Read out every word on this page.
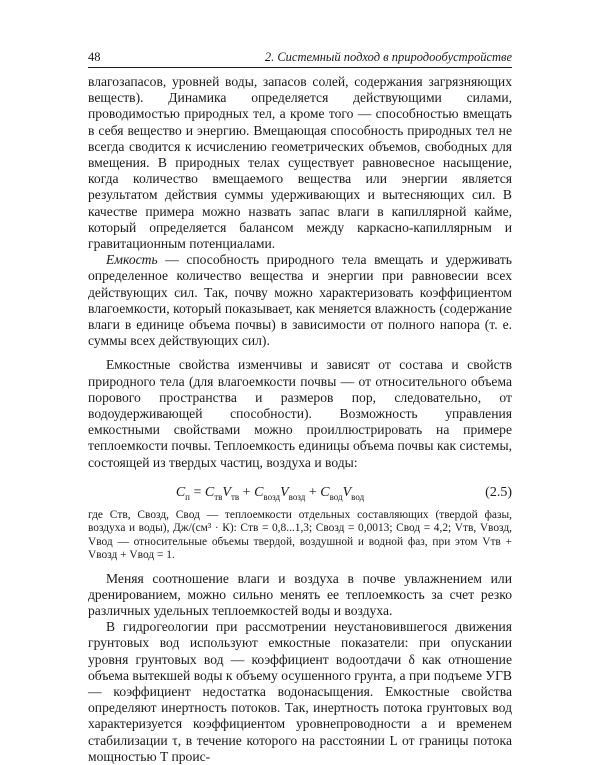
48	2. Системный подход в природообустройстве

влагозапасов, уровней воды, запасов солей, содержания загрязняющих веществ). Динамика определяется действующими силами, проводимостью природных тел, а кроме того — способностью вмещать в себя вещество и энергию. Вмещающая способность природных тел не всегда сводится к исчислению геометрических объемов, свободных для вмещения. В природных телах существует равновесное насыщение, когда количество вмещаемого вещества или энергии является результатом действия суммы удерживающих и вытесняющих сил. В качестве примера можно назвать запас влаги в капиллярной кайме, который определяется балансом между каркасно-капиллярным и гравитационным потенциалами.

Емкость — способность природного тела вмещать и удерживать определенное количество вещества и энергии при равновесии всех действующих сил. Так, почву можно характеризовать коэффициентом влагоемкости, который показывает, как меняется влажность (содержание влаги в единице объема почвы) в зависимости от полного напора (т. е. суммы всех действующих сил).

Емкостные свойства изменчивы и зависят от состава и свойств природного тела (для влагоемкости почвы — от относительного объема порового пространства и размеров пор, следовательно, от водоудерживающей способности). Возможность управления емкостными свойствами можно проиллюстрировать на примере теплоемкости почвы. Теплоемкость единицы объема почвы как системы, состоящей из твердых частиц, воздуха и воды:

$C_п = C_{тв}V_{тв} + C_{возд}V_{возд} + C_{вод}V_{вод}$	(2.5)

где Cтв, Cвозд, Cвод — теплоемкости отдельных составляющих (твердой фазы, воздуха и воды), Дж/(см³ · К): Cтв = 0,8...1,3; Cвозд = 0,0013; Cвод = 4,2; Vтв, Vвозд, Vвод — относительные объемы твердой, воздушной и водной фаз, при этом Vтв + Vвозд + Vвод = 1.

Меняя соотношение влаги и воздуха в почве увлажнением или дренированием, можно сильно менять ее теплоемкость за счет резко различных удельных теплоемкостей воды и воздуха.

В гидрогеологии при рассмотрении неустановившегося движения грунтовых вод используют емкостные показатели: при опускании уровня грунтовых вод — коэффициент водоотдачи δ как отношение объема вытекшей воды к объему осушенного грунта, а при подъеме УГВ — коэффициент недостатка водонасыщения. Емкостные свойства определяют инертность потоков. Так, инертность потока грунтовых вод характеризуется коэффициентом уровнепроводности a и временем стабилизации τ, в течение которого на расстоянии L от границы потока мощностью T проис-
